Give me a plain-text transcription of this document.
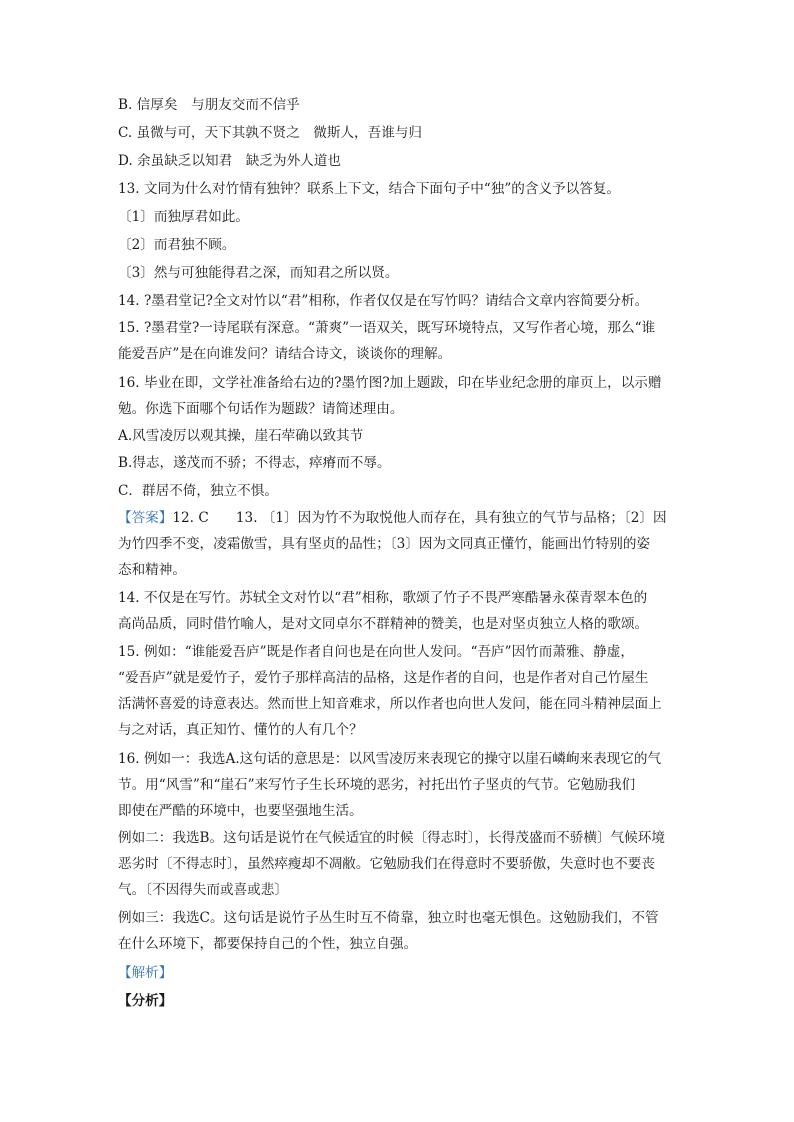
B. 信厚矣　与朋友交而不信乎
C. 虽微与可，天下其孰不贤之　微斯人，吾谁与归
D. 余虽缺乏以知君　缺乏为外人道也
13. 文同为什么对竹情有独钟？联系上下文，结合下面句子中“独”的含义予以答复。
〔1〕而独厚君如此。
〔2〕而君独不顾。
〔3〕然与可独能得君之深，而知君之所以贤。
14. ?墨君堂记?全文对竹以“君”相称，作者仅仅是在写竹吗？请结合文章内容简要分析。
15. ?墨君堂?一诗尾联有深意。“萧爽”一语双关，既写环境特点，又写作者心境，那么“谁
能爱吾庐”是在向谁发问？请结合诗文，谈谈你的理解。
16. 毕业在即，文学社准备给右边的?墨竹图?加上题跋，印在毕业纪念册的扉页上，以示赠
勉。你选下面哪个句话作为题跋？请简述理由。
A.风雪凌厉以观其操，崖石荦确以致其节
B.得志，遂茂而不骄；不得志，瘁瘠而不辱。
C．群居不倚，独立不惧。
【答案】12. C　　13. 〔1〕因为竹不为取悦他人而存在，具有独立的气节与品格；〔2〕因
为竹四季不变，凌霜傲雪，具有坚贞的品性；〔3〕因为文同真正懂竹，能画出竹特别的姿
态和精神。
14. 不仅是在写竹。苏轼全文对竹以“君”相称，歌颂了竹子不畏严寒酷暑永葆青翠本色的
高尚品质，同时借竹喻人，是对文同卓尔不群精神的赞美，也是对坚贞独立人格的歌颂。
15. 例如：“谁能爱吾庐”既是作者自问也是在向世人发问。“吾庐”因竹而萧雅、静虚，
“爱吾庐”就是爱竹子，爱竹子那样高洁的品格，这是作者的自问，也是作者对自己竹屋生
活满怀喜爱的诗意表达。然而世上知音难求，所以作者也向世人发问，能在同斗精神层面上
与之对话，真正知竹、懂竹的人有几个？
16. 例如一：我选A.这句话的意思是：以风雪凌厉来表现它的操守以崖石嶙峋来表现它的气
节。用“风雪”和“崖石”来写竹子生长环境的恶劣，衬托出竹子坚贞的气节。它勉励我们
即使在严酷的环境中，也要坚强地生活。
例如二：我选B。这句话是说竹在气候适宜的时候〔得志时〕，长得茂盛而不骄横〕气候环境
恶劣时〔不得志时〕，虽然瘁瘦却不凋敝。它勉励我们在得意时不要骄傲，失意时也不要丧
气。〔不因得失而或喜或悲〕
例如三：我选C。这句话是说竹子丛生时互不倚靠，独立时也毫无惧色。这勉励我们，不管
在什么环境下，都要保持自己的个性，独立自强。
【解析】
【分析】
